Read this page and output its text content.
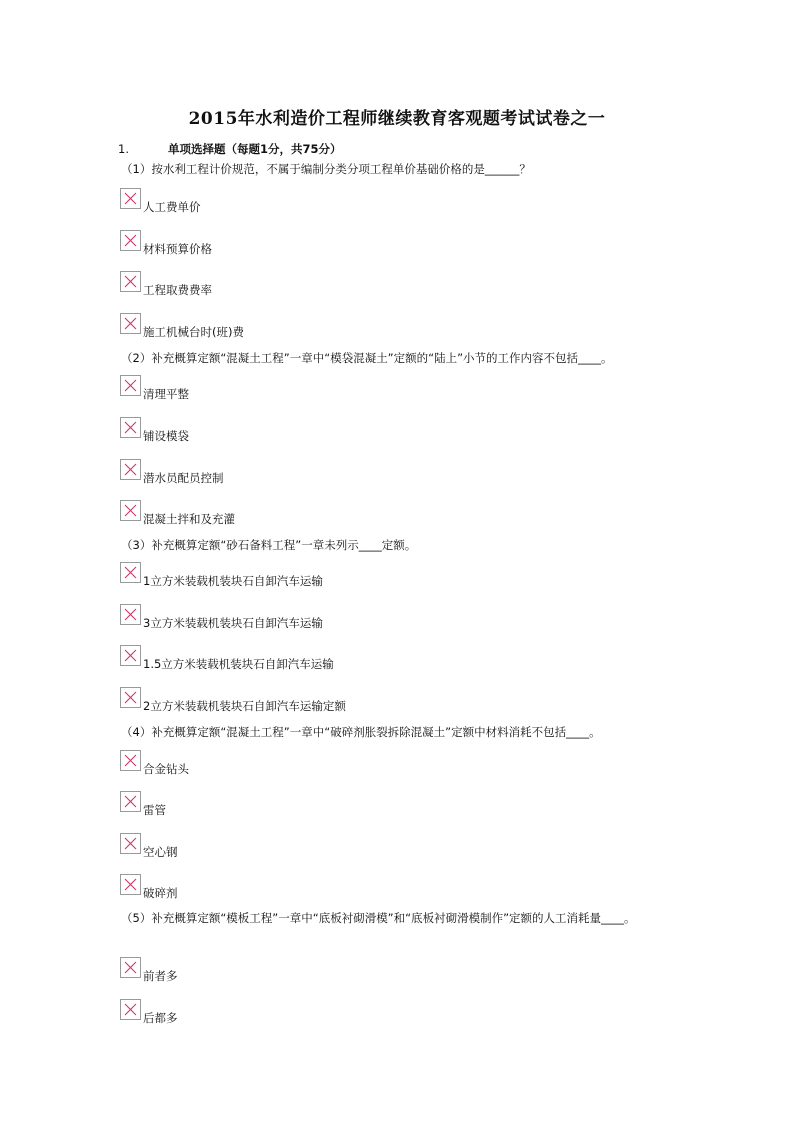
2015年水利造价工程师继续教育客观题考试试卷之一
1.	单项选择题（每题1分，共75分）
（1）按水利工程计价规范，不属于编制分类分项工程单价基础价格的是______？
人工费单价
材料预算价格
工程取费费率
施工机械台时(班)费
（2）补充概算定额“混凝土工程”一章中“模袋混凝土”定额的“陆上”小节的工作内容不包括____。
清理平整
铺设模袋
潜水员配员控制
混凝土拌和及充灌
（3）补充概算定额“砂石备料工程”一章未列示____定额。
1立方米装载机装块石自卸汽车运输
3立方米装载机装块石自卸汽车运输
1.5立方米装载机装块石自卸汽车运输
2立方米装载机装块石自卸汽车运输定额
（4）补充概算定额“混凝土工程”一章中“破碎剂胀裂拆除混凝土”定额中材料消耗不包括____。
合金钻头
雷管
空心钢
破碎剂
（5）补充概算定额“模板工程”一章中“底板衬砌滑模”和“底板衬砌滑模制作”定额的人工消耗量____。
前者多
后都多
